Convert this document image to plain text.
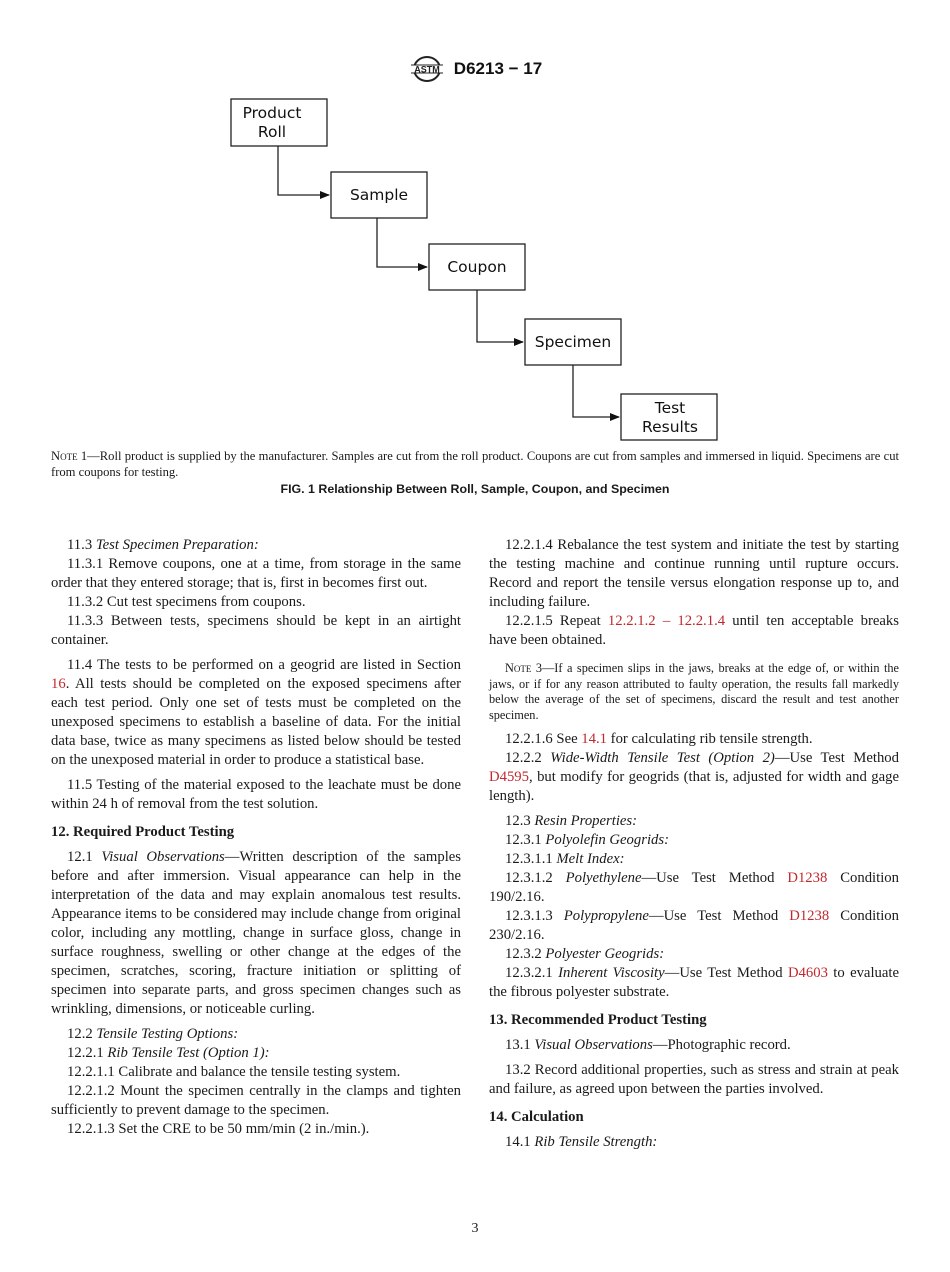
ASTM D6213 − 17
Product Roll
Sample
Coupon
Specimen
Test Results
Note 1—Roll product is supplied by the manufacturer. Samples are cut from the roll product. Coupons are cut from samples and immersed in liquid. Specimens are cut from coupons for testing.
FIG. 1 Relationship Between Roll, Sample, Coupon, and Specimen

11.3 Test Specimen Preparation:

11.3.1 Remove coupons, one at a time, from storage in the same order that they entered storage; that is, first in becomes first out.

11.3.2 Cut test specimens from coupons.

11.3.3 Between tests, specimens should be kept in an airtight container.

11.4 The tests to be performed on a geogrid are listed in Section 16. All tests should be completed on the exposed specimens after each test period. Only one set of tests must be completed on the unexposed specimens to establish a baseline of data. For the initial data base, twice as many specimens as listed below should be tested on the unexposed material in order to produce a statistical base.

11.5 Testing of the material exposed to the leachate must be done within 24 h of removal from the test solution.

12. Required Product Testing

12.1 Visual Observations—Written description of the samples before and after immersion. Visual appearance can help in the interpretation of the data and may explain anomalous test results. Appearance items to be considered may include change from original color, including any mottling, change in surface gloss, change in surface roughness, swelling or other change at the edges of the specimen, scratches, scoring, fracture initiation or splitting of specimen into separate parts, and gross specimen changes such as wrinkling, dimensions, or noticeable curling.

12.2 Tensile Testing Options:

12.2.1 Rib Tensile Test (Option 1):

12.2.1.1 Calibrate and balance the tensile testing system.

12.2.1.2 Mount the specimen centrally in the clamps and tighten sufficiently to prevent damage to the specimen.

12.2.1.3 Set the CRE to be 50 mm/min (2 in./min.).

12.2.1.4 Rebalance the test system and initiate the test by starting the testing machine and continue running until rupture occurs. Record and report the tensile versus elongation response up to, and including failure.

12.2.1.5 Repeat 12.2.1.2 – 12.2.1.4 until ten acceptable breaks have been obtained.

Note 3—If a specimen slips in the jaws, breaks at the edge of, or within the jaws, or if for any reason attributed to faulty operation, the results fall markedly below the average of the set of specimens, discard the result and test another specimen.

12.2.1.6 See 14.1 for calculating rib tensile strength.

12.2.2 Wide-Width Tensile Test (Option 2)—Use Test Method D4595, but modify for geogrids (that is, adjusted for width and gage length).

12.3 Resin Properties:

12.3.1 Polyolefin Geogrids:

12.3.1.1 Melt Index:

12.3.1.2 Polyethylene—Use Test Method D1238 Condition 190/2.16.

12.3.1.3 Polypropylene—Use Test Method D1238 Condition 230/2.16.

12.3.2 Polyester Geogrids:

12.3.2.1 Inherent Viscosity—Use Test Method D4603 to evaluate the fibrous polyester substrate.

13. Recommended Product Testing

13.1 Visual Observations—Photographic record.

13.2 Record additional properties, such as stress and strain at peak and failure, as agreed upon between the parties involved.

14. Calculation

14.1 Rib Tensile Strength:

3
